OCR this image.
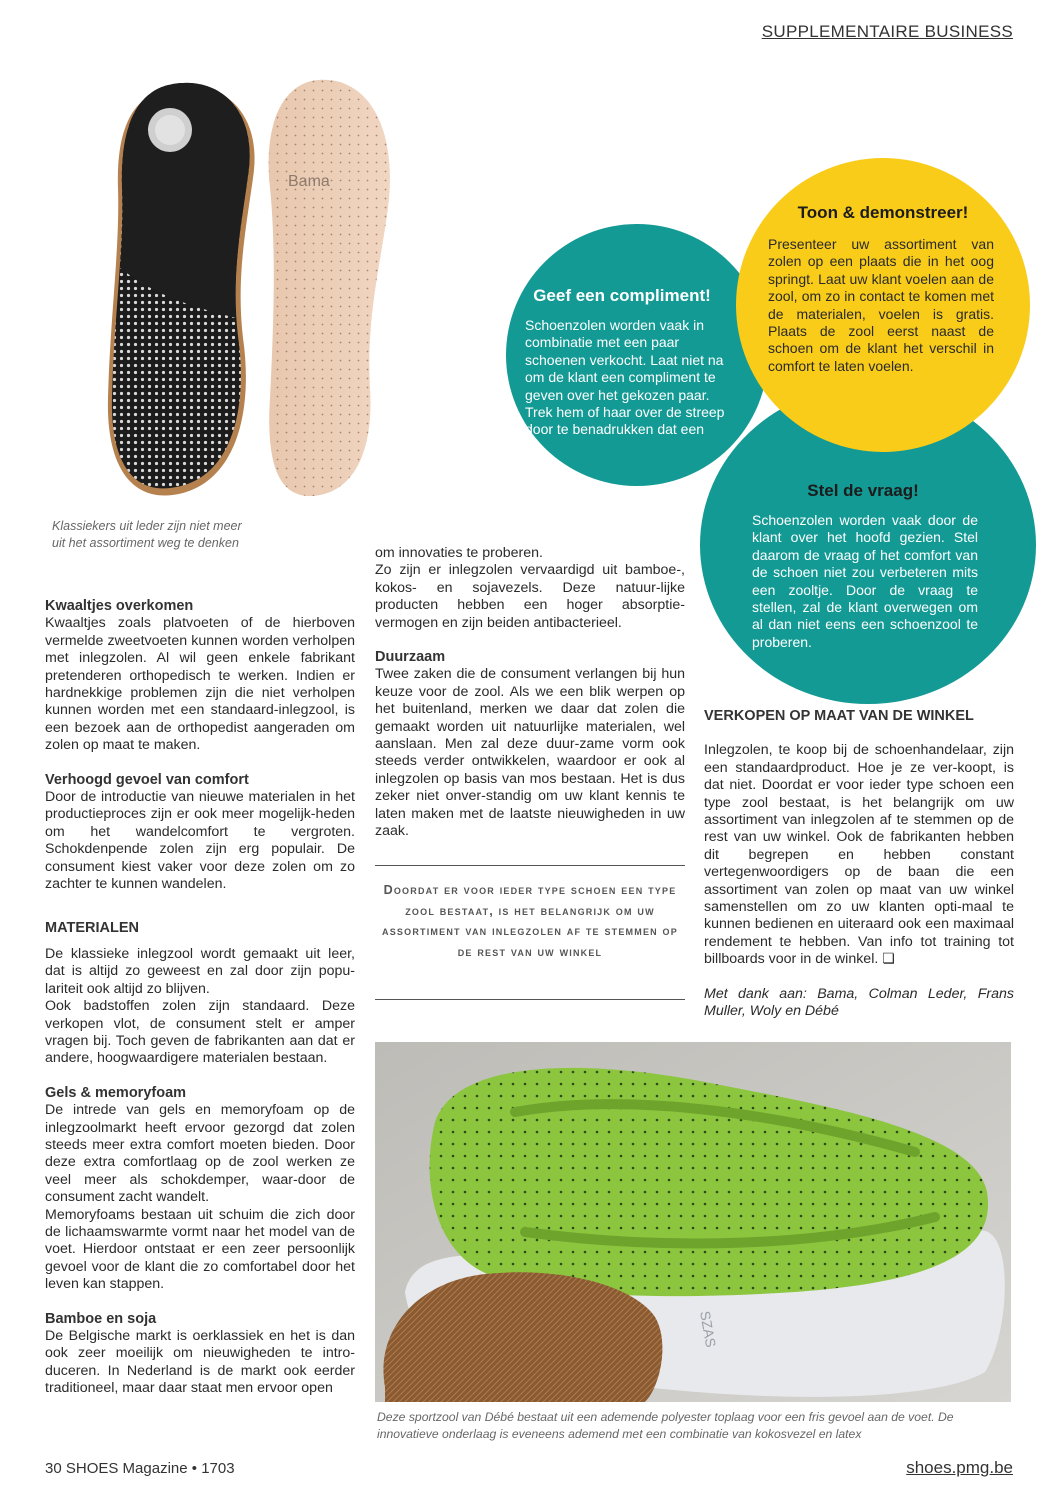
SUPPLEMENTAIRE BUSINESS
Bama
Klassiekers uit leder zijn niet meer
uit het assortiment weg te denken
Geef een compliment!
Schoenzolen worden vaak in combinatie met een paar schoenen verkocht. Laat niet na om de klant een compliment te geven over het gekozen paar. Trek hem of haar over de streep door te benadrukken dat een
Stel de vraag!
Schoenzolen worden vaak door de klant over het hoofd gezien. Stel daarom de vraag of het comfort van de schoen niet zou verbeteren mits een zooltje. Door de vraag te stellen, zal de klant overwegen om al dan niet eens een schoenzool te proberen.
Toon & demonstreer!
Presenteer uw assortiment van zolen op een plaats die in het oog springt. Laat uw klant voelen aan de zool, om zo in contact te komen met de materialen, voelen is gratis. Plaats de zool eerst naast de schoen om de klant het verschil in comfort te laten voelen.
Kwaaltjes overkomen

Kwaaltjes zoals platvoeten of de hierboven vermelde zweetvoeten kunnen worden verholpen met inlegzolen. Al wil geen enkele fabrikant pretenderen orthopedisch te werken. Indien er hardnekkige problemen zijn die niet verholpen kunnen worden met een standaard-inlegzool, is een bezoek aan de orthopedist aangeraden om zolen op maat te maken.

Verhoogd gevoel van comfort

Door de introductie van nieuwe materialen in het productieproces zijn er ook meer mogelijk-heden om het wandelcomfort te vergroten. Schokdenpende zolen zijn erg populair. De consument kiest vaker voor deze zolen om zo zachter te kunnen wandelen.

MATERIALEN

De klassieke inlegzool wordt gemaakt uit leer, dat is altijd zo geweest en zal door zijn popu-lariteit ook altijd zo blijven.

Ook badstoffen zolen zijn standaard. Deze verkopen vlot, de consument stelt er amper vragen bij. Toch geven de fabrikanten aan dat er andere, hoogwaardigere materialen bestaan.

Gels & memoryfoam

De intrede van gels en memoryfoam op de inlegzoolmarkt heeft ervoor gezorgd dat zolen steeds meer extra comfort moeten bieden. Door deze extra comfortlaag op de zool werken ze veel meer als schokdemper, waar-door de consument zacht wandelt.

Memoryfoams bestaan uit schuim die zich door de lichaamswarmte vormt naar het model van de voet. Hierdoor ontstaat er een zeer persoonlijk gevoel voor de klant die zo comfortabel door het leven kan stappen.

Bamboe en soja

De Belgische markt is oerklassiek en het is dan ook zeer moeilijk om nieuwigheden te intro-duceren. In Nederland is de markt ook eerder traditioneel, maar daar staat men ervoor open

om innovaties te proberen.

Zo zijn er inlegzolen vervaardigd uit bamboe-, kokos- en sojavezels. Deze natuur-lijke producten hebben een hoger absorptie-vermogen en zijn beiden antibacterieel.

Duurzaam

Twee zaken die de consument verlangen bij hun keuze voor de zool. Als we een blik werpen op het buitenland, merken we daar dat zolen die gemaakt worden uit natuurlijke materialen, wel aanslaan. Men zal deze duur-zame vorm ook steeds verder ontwikkelen, waardoor er ook al inlegzolen op basis van mos bestaan. Het is dus zeker niet onver-standig om uw klant kennis te laten maken met de laatste nieuwigheden in uw zaak.

Doordat er voor ieder type schoen een type zool bestaat, is het belangrijk om uw assortiment van inlegzolen af te stemmen op de rest van uw winkel
VERKOPEN OP MAAT VAN DE WINKEL

Inlegzolen, te koop bij de schoenhandelaar, zijn een standaardproduct. Hoe je ze ver-koopt, is dat niet. Doordat er voor ieder type schoen een type zool bestaat, is het belangrijk om uw assortiment van inlegzolen af te stemmen op de rest van uw winkel. Ook de fabrikanten hebben dit begrepen en hebben constant vertegenwoordigers op de baan die een assortiment van zolen op maat van uw winkel samenstellen om zo uw klanten opti-maal te kunnen bedienen en uiteraard ook een maximaal rendement te hebben. Van info tot training tot billboards voor in de winkel. ❏

Met dank aan: Bama, Colman Leder, Frans Muller, Woly en Débé

SZAS
Deze sportzool van Débé bestaat uit een ademende polyester toplaag voor een fris gevoel aan de voet. De
innovatieve onderlaag is eveneens ademend met een combinatie van kokosvezel en latex
30 SHOES Magazine • 1703	shoes.pmg.be
